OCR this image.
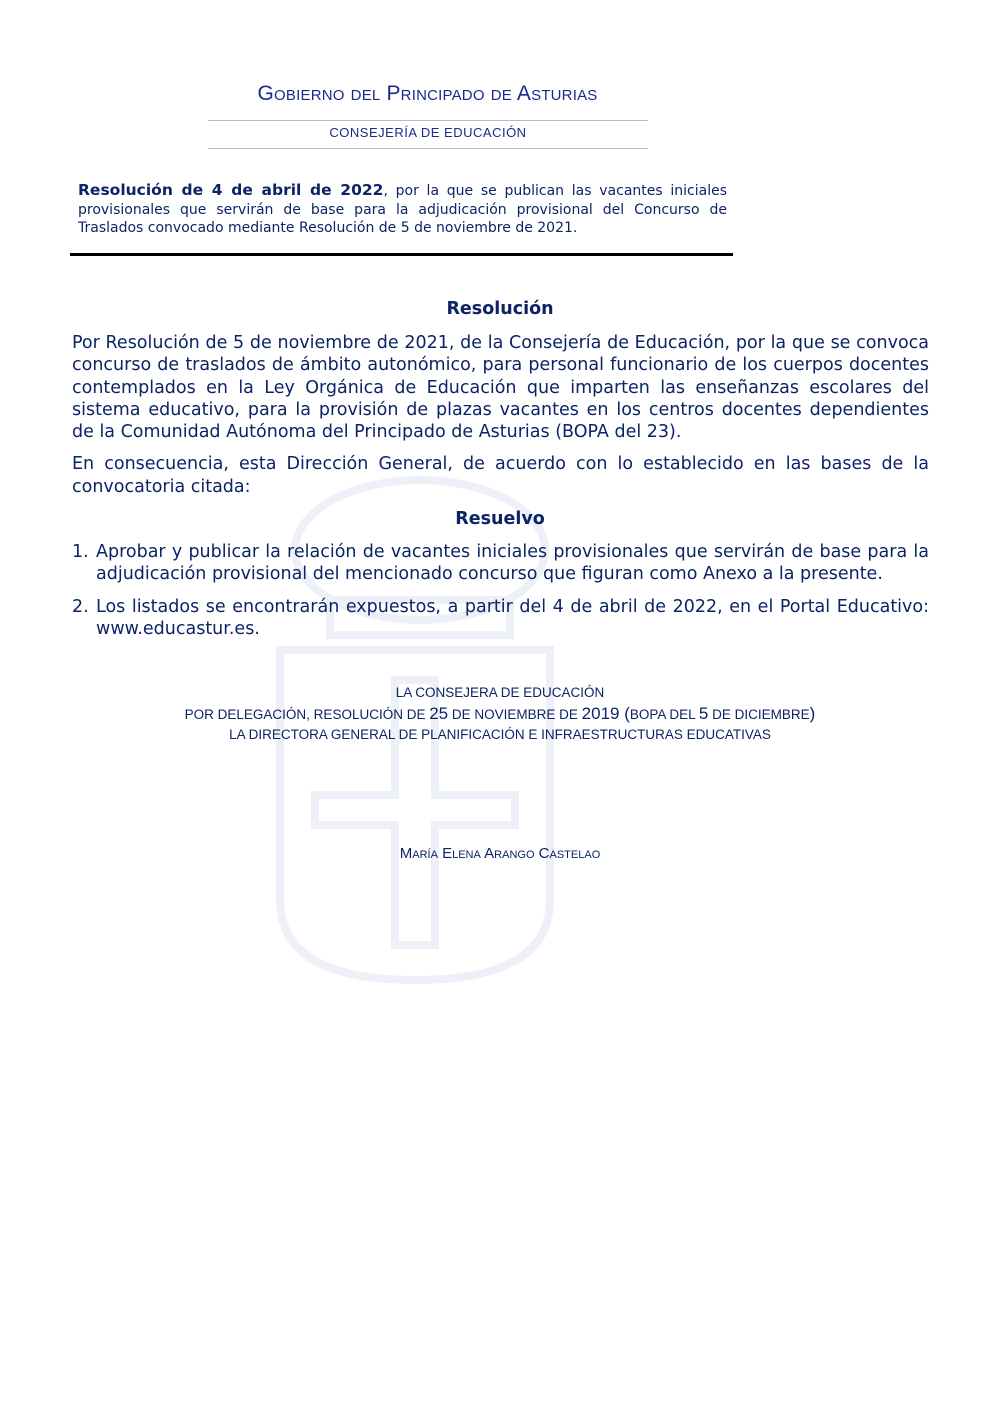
Gobierno del Principado de Asturias
CONSEJERÍA DE EDUCACIÓN
Resolución de 4 de abril de 2022, por la que se publican las vacantes iniciales provisionales que servirán de base para la adjudicación provisional del Concurso de Traslados convocado mediante Resolución de 5 de noviembre de 2021.
Resolución

Por Resolución de 5 de noviembre de 2021, de la Consejería de Educación, por la que se convoca concurso de traslados de ámbito autonómico, para personal funcionario de los cuerpos docentes contemplados en la Ley Orgánica de Educación que imparten las enseñanzas escolares del sistema educativo, para la provisión de plazas vacantes en los centros docentes dependientes de la Comunidad Autónoma del Principado de Asturias (BOPA del 23).

En consecuencia, esta Dirección General, de acuerdo con lo establecido en las bases de la convocatoria citada:

Resuelvo
1. Aprobar y publicar la relación de vacantes iniciales provisionales que servirán de base para la adjudicación provisional del mencionado concurso que figuran como Anexo a la presente.
2. Los listados se encontrarán expuestos, a partir del 4 de abril de 2022, en el Portal Educativo: www.educastur.es.
LA CONSEJERA DE EDUCACIÓN
POR DELEGACIÓN, RESOLUCIÓN DE 25 DE NOVIEMBRE DE 2019 (BOPA DEL 5 DE DICIEMBRE)
LA DIRECTORA GENERAL DE PLANIFICACIÓN E INFRAESTRUCTURAS EDUCATIVAS
María Elena Arango Castelao
